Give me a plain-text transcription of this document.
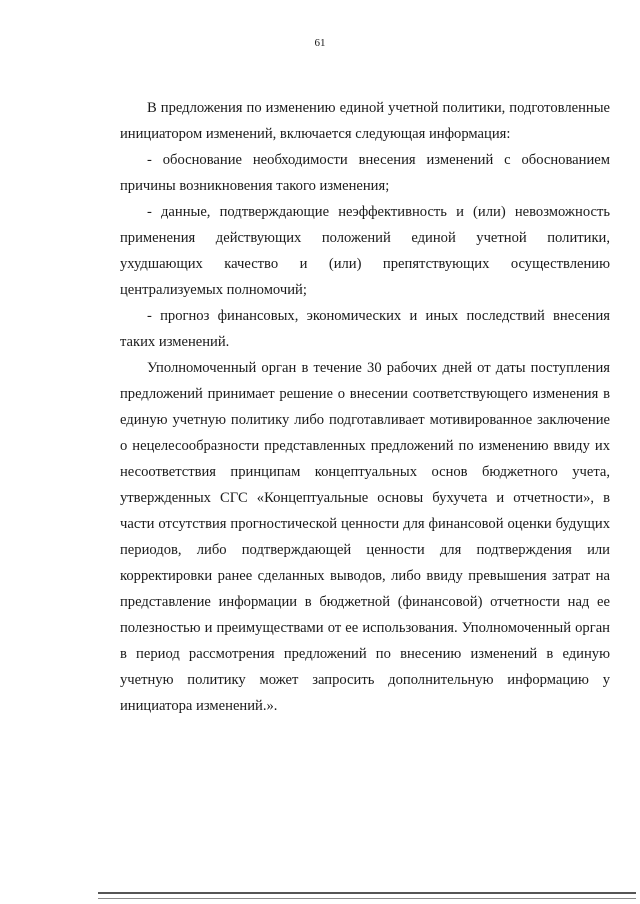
61

В предложения по изменению единой учетной политики, подготовленные инициатором изменений, включается следующая информация:

- обоснование необходимости внесения изменений с обоснованием причины возникновения такого изменения;

- данные, подтверждающие неэффективность и (или) невозможность применения действующих положений единой учетной политики, ухудшающих качество и (или) препятствующих осуществлению централизуемых полномочий;

- прогноз финансовых, экономических и иных последствий внесения таких изменений.

Уполномоченный орган в течение 30 рабочих дней от даты поступления предложений принимает решение о внесении соответствующего изменения в единую учетную политику либо подготавливает мотивированное заключение о нецелесообразности представленных предложений по изменению ввиду их несоответствия принципам концептуальных основ бюджетного учета, утвержденных СГС «Концептуальные основы бухучета и отчетности», в части отсутствия прогностической ценности для финансовой оценки будущих периодов, либо подтверждающей ценности для подтверждения или корректировки ранее сделанных выводов, либо ввиду превышения затрат на представление информации в бюджетной (финансовой) отчетности над ее полезностью и преимуществами от ее использования. Уполномоченный орган в период рассмотрения предложений по внесению изменений в единую учетную политику может запросить дополнительную информацию у инициатора изменений.».
